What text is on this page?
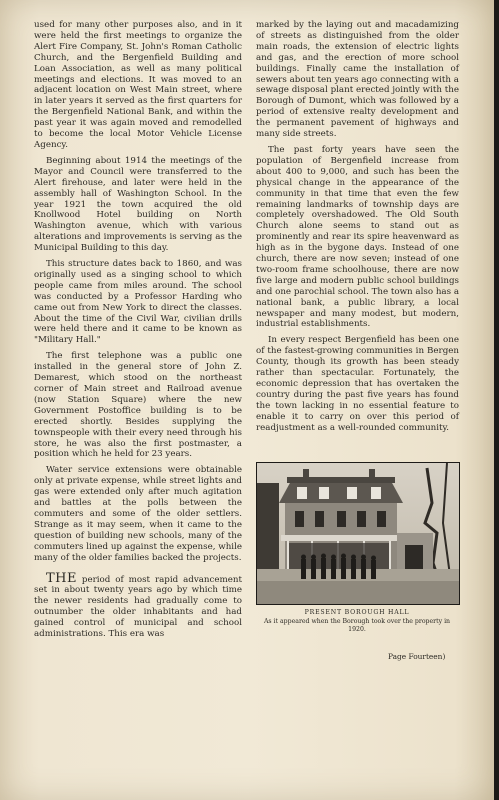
used for many other purposes also, and in it were held the first meetings to organize the Alert Fire Company, St. John's Roman Catholic Church, and the Bergenfield Building and Loan Association, as well as many political meetings and elections. It was moved to an adjacent location on West Main street, where in later years it served as the first quarters for the Bergenfield National Bank, and within the past year it was again moved and remodelled to become the local Motor Vehicle License Agency.

Beginning about 1914 the meetings of the Mayor and Council were transferred to the Alert firehouse, and later were held in the assembly hall of Washington School. In the year 1921 the town acquired the old Knollwood Hotel building on North Washington avenue, which with various alterations and improvements is serving as the Municipal Building to this day.

This structure dates back to 1860, and was originally used as a singing school to which people came from miles around. The school was conducted by a Professor Harding who came out from New York to direct the classes. About the time of the Civil War, civilian drills were held there and it came to be known as "Military Hall."

The first telephone was a public one installed in the general store of John Z. Demarest, which stood on the northeast corner of Main street and Railroad avenue (now Station Square) where the new Government Postoffice building is to be erected shortly. Besides supplying the townspeople with their every need through his store, he was also the first postmaster, a position which he held for 23 years.

Water service extensions were obtainable only at private expense, while street lights and gas were extended only after much agitation and battles at the polls between the commuters and some of the older settlers. Strange as it may seem, when it came to the question of building new schools, many of the commuters lined up against the expense, while many of the older families backed the projects.

THE period of most rapid advancement set in about twenty years ago by which time the newer residents had gradually come to outnumber the older inhabitants and had gained control of municipal and school administrations. This era was

marked by the laying out and macadamizing of streets as distinguished from the older main roads, the extension of electric lights and gas, and the erection of more school buildings. Finally came the installation of sewers about ten years ago connecting with a sewage disposal plant erected jointly with the Borough of Dumont, which was followed by a period of extensive realty development and the permanent pavement of highways and many side streets.

The past forty years have seen the population of Bergenfield increase from about 400 to 9,000, and such has been the physical change in the appearance of the community in that time that even the few remaining landmarks of township days are completely overshadowed. The Old South Church alone seems to stand out as prominently and rear its spire heavenward as high as in the bygone days. Instead of one church, there are now seven; instead of one two-room frame schoolhouse, there are now five large and modern public school buildings and one parochial school. The town also has a national bank, a public library, a local newspaper and many modest, but modern, industrial establishments.

In every respect Bergenfield has been one of the fastest-growing communities in Bergen County, though its growth has been steady rather than spectacular. Fortunately, the economic depression that has overtaken the country during the past five years has found the town lacking in no essential feature to enable it to carry on over this period of readjustment as a well-rounded community.

PRESENT BOROUGH HALL
As it appeared when the Borough took over the property in 1920.
Page Fourteen)
